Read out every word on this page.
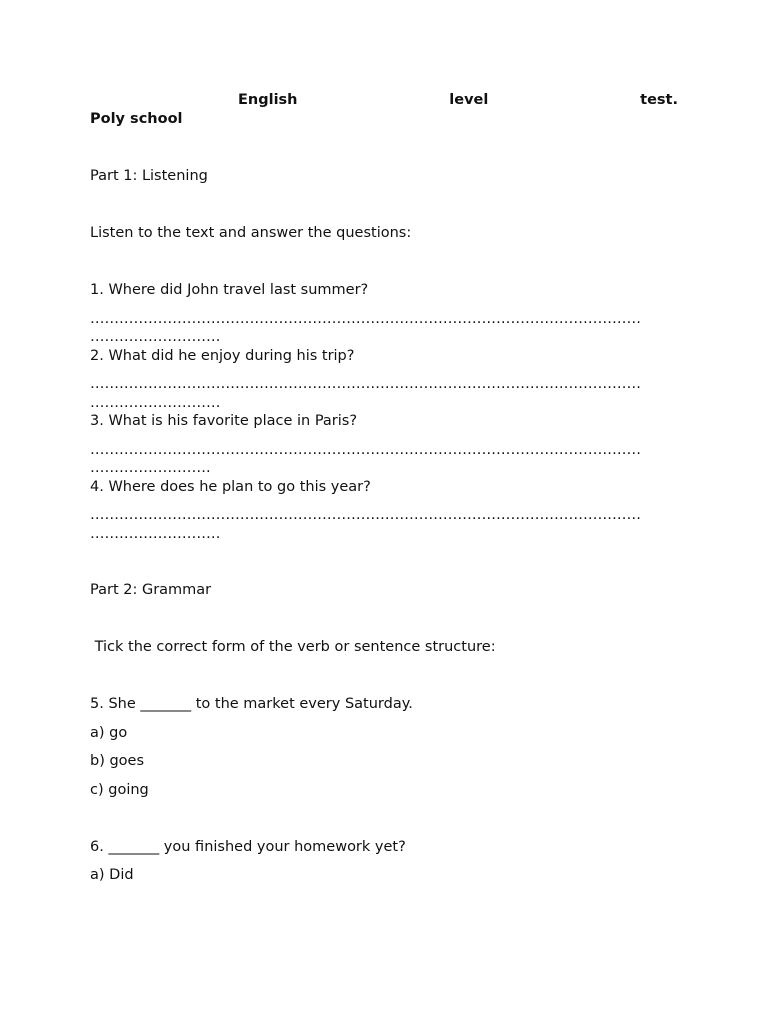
English	level	test.
Poly school
Part 1: Listening
Listen to the text and answer the questions:
1. Where did John travel last summer?
……………………………………………………………………………………………………
………………………
2. What did he enjoy during his trip?
……………………………………………………………………………………………………
………………………
3. What is his favorite place in Paris?
……………………………………………………………………………………………………
…………………….
4. Where does he plan to go this year?
……………………………………………………………………………………………………
………………………
Part 2: Grammar
Tick the correct form of the verb or sentence structure:
5. She _______ to the market every Saturday.
a) go
b) goes
c) going
6. _______ you finished your homework yet?
a) Did
